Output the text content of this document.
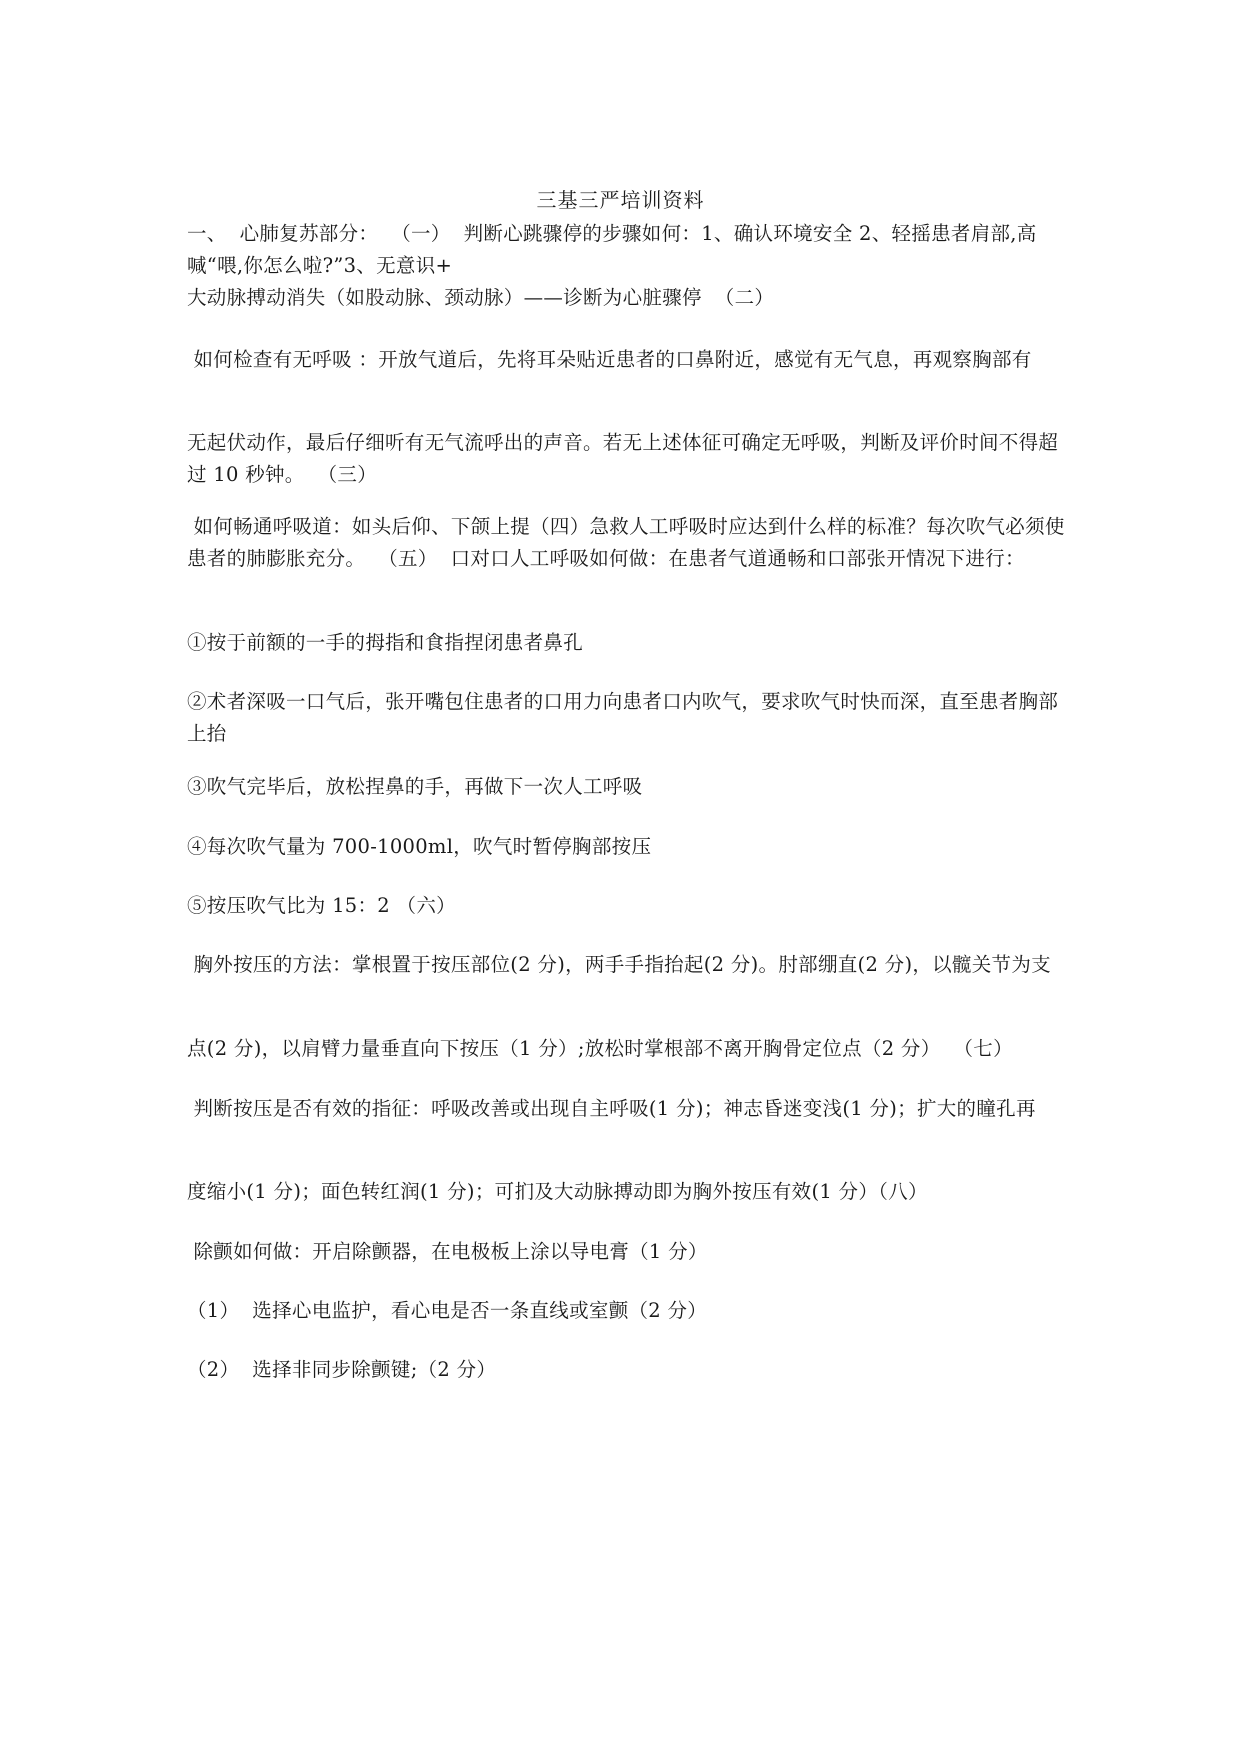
三基三严培训资料
一、  心肺复苏部分：  （一）  判断心跳骤停的步骤如何：1、确认环境安全 2、轻摇患者肩部,高喊“喂,你怎么啦?”3、无意识+
大动脉搏动消失（如股动脉、颈动脉）——诊断为心脏骤停  （二）
如何检查有无呼吸 ：开放气道后，先将耳朵贴近患者的口鼻附近，感觉有无气息，再观察胸部有
无起伏动作，最后仔细听有无气流呼出的声音。若无上述体征可确定无呼吸，判断及评价时间不得超过 10 秒钟。  （三）
如何畅通呼吸道：如头后仰、下颌上提（四）急救人工呼吸时应达到什么样的标准？每次吹气必须使患者的肺膨胀充分。  （五）  口对口人工呼吸如何做：在患者气道通畅和口部张开情况下进行：
①按于前额的一手的拇指和食指捏闭患者鼻孔
②术者深吸一口气后，张开嘴包住患者的口用力向患者口内吹气，要求吹气时快而深，直至患者胸部上抬
③吹气完毕后，放松捏鼻的手，再做下一次人工呼吸
④每次吹气量为 700-1000ml，吹气时暂停胸部按压
⑤按压吹气比为 15：2 （六）
胸外按压的方法：掌根置于按压部位(2 分)，两手手指抬起(2 分)。肘部绷直(2 分)，以髋关节为支
点(2 分)，以肩臂力量垂直向下按压（1 分）;放松时掌根部不离开胸骨定位点（2 分）  （七）
判断按压是否有效的指征：呼吸改善或出现自主呼吸(1 分)；神志昏迷变浅(1 分)；扩大的瞳孔再
度缩小(1 分)；面色转红润(1 分)；可扪及大动脉搏动即为胸外按压有效(1 分）（八）
除颤如何做：开启除颤器，在电极板上涂以导电膏（1 分）
（1）  选择心电监护，看心电是否一条直线或室颤（2 分）
（2）  选择非同步除颤键;（2 分）
